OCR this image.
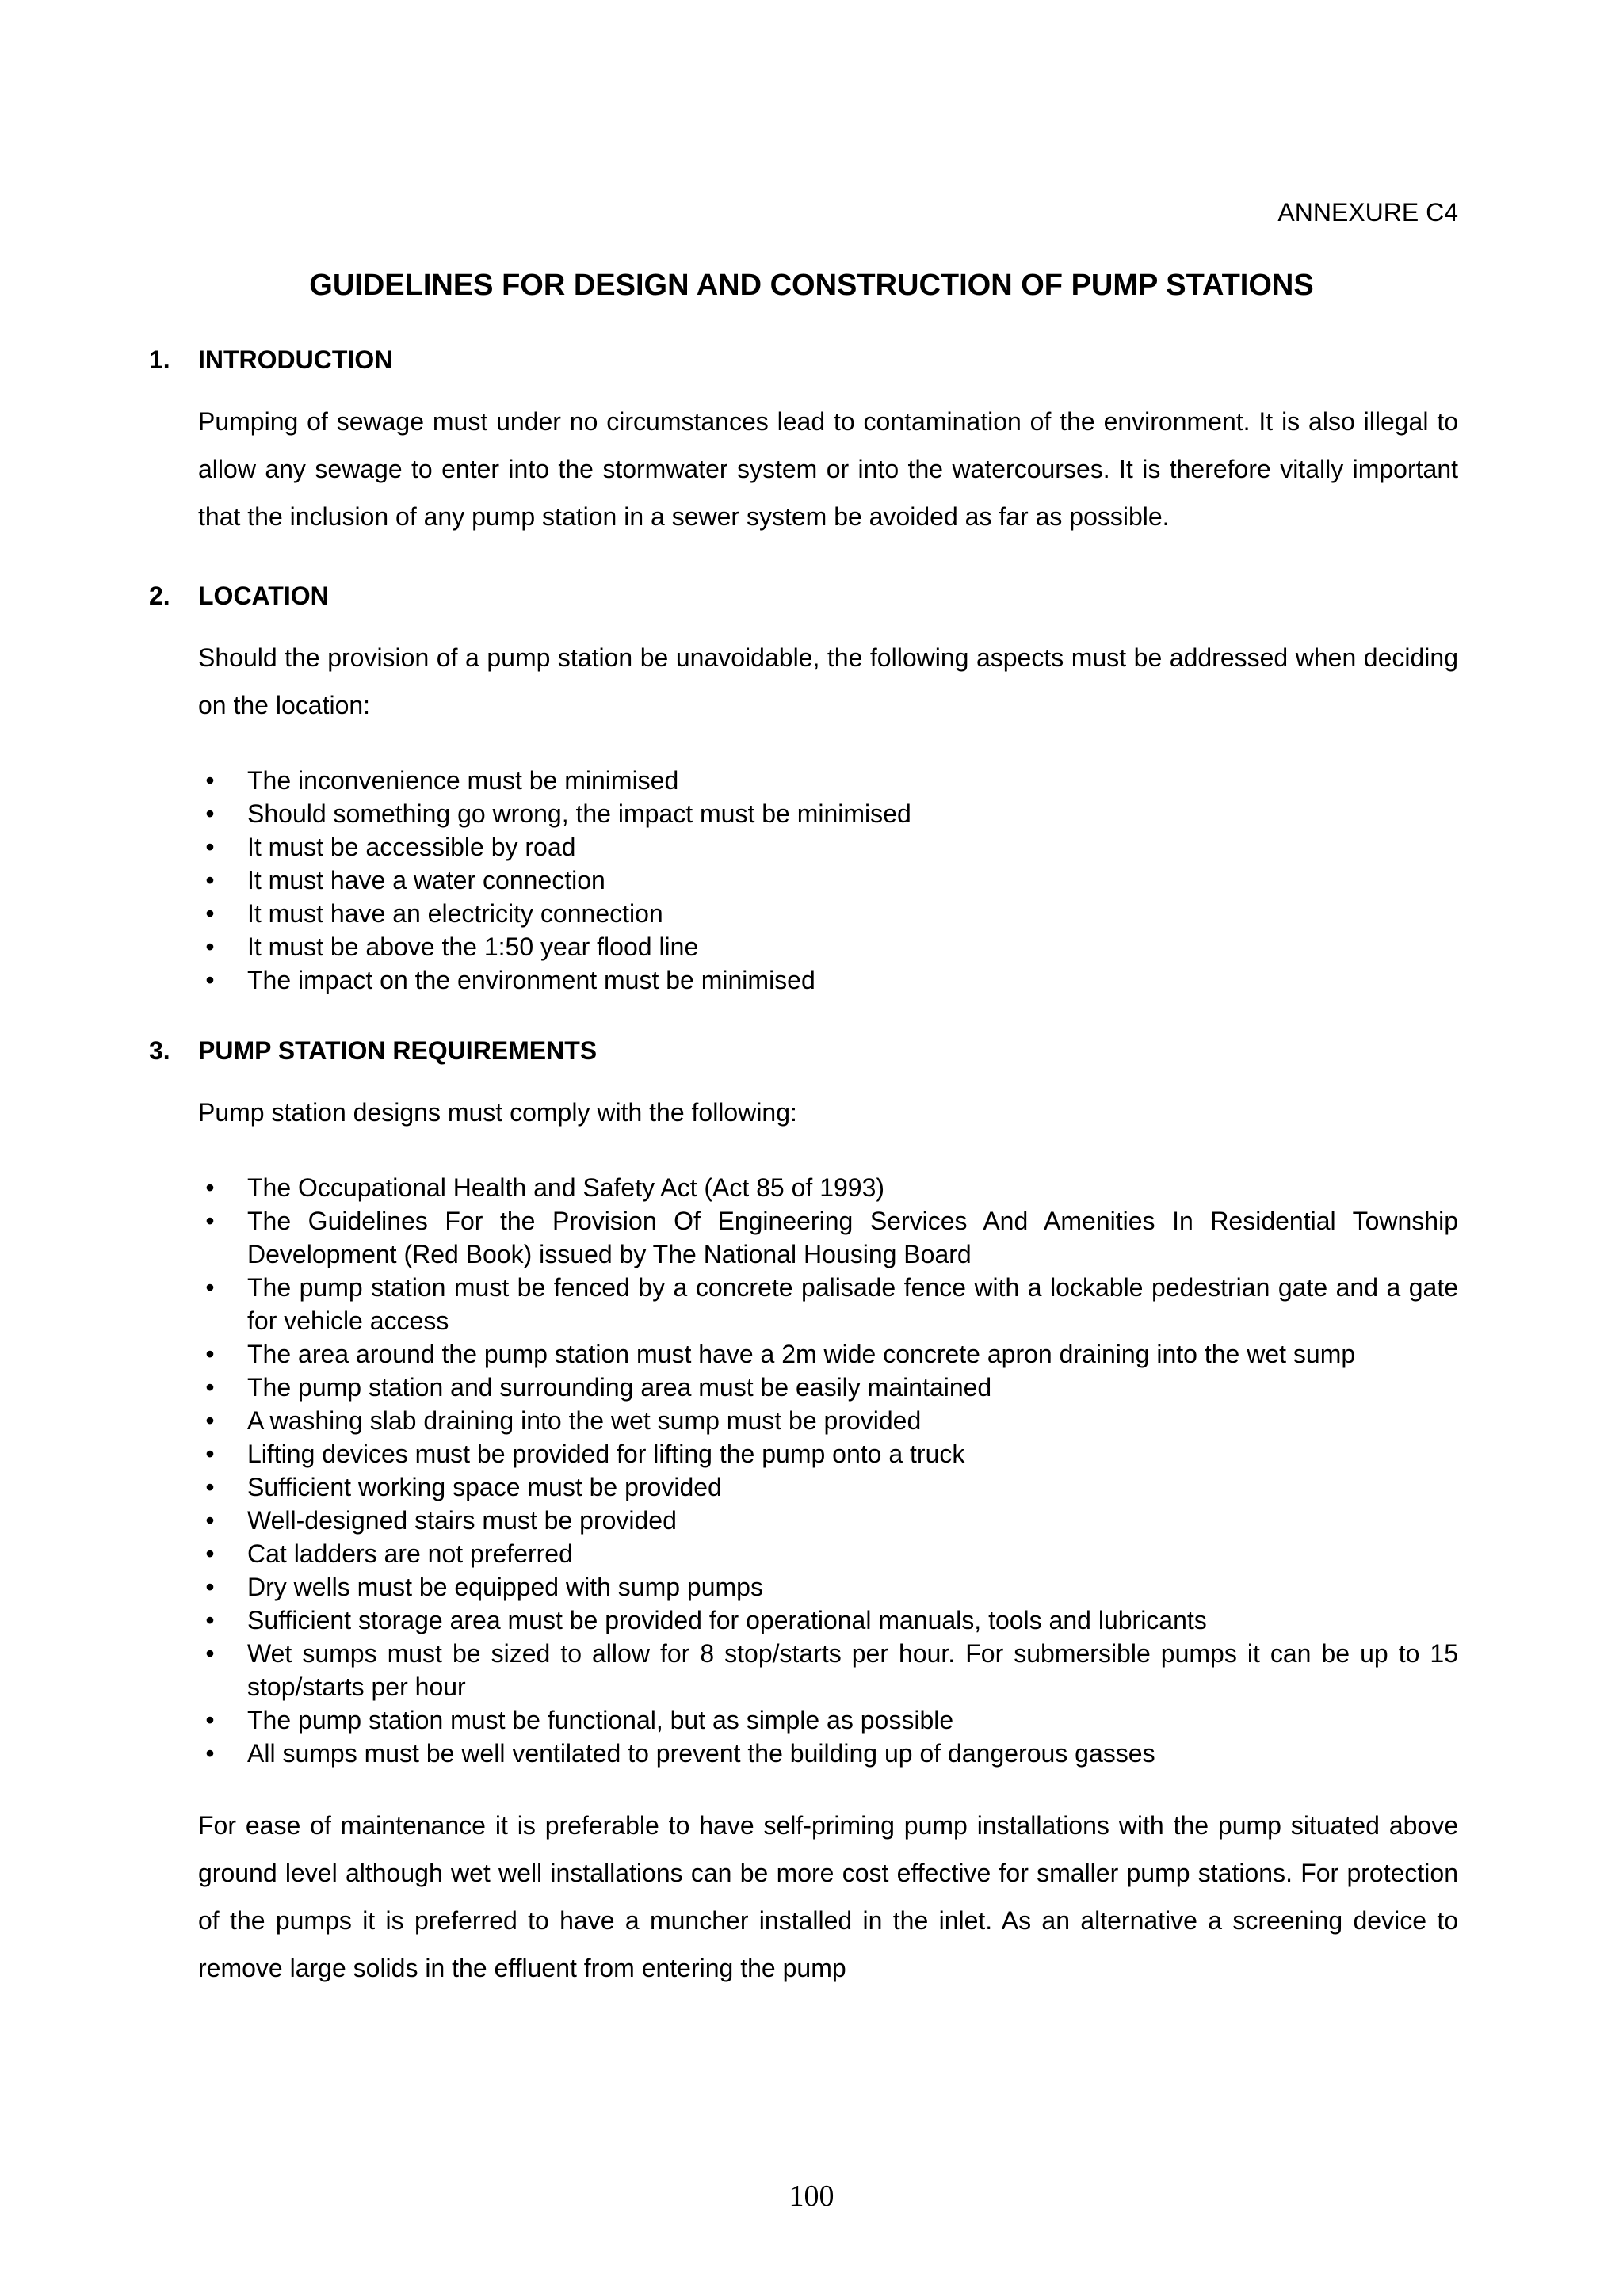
ANNEXURE C4
GUIDELINES FOR DESIGN AND CONSTRUCTION OF PUMP STATIONS
1.	INTRODUCTION
Pumping of sewage must under no circumstances lead to contamination of the environment. It is also illegal to allow any sewage to enter into the stormwater system or into the watercourses. It is therefore vitally important that the inclusion of any pump station in a sewer system be avoided as far as possible.
2.	LOCATION
Should the provision of a pump station be unavoidable, the following aspects must be addressed when deciding on the location:
• The inconvenience must be minimised
• Should something go wrong, the impact must be minimised
• It must be accessible by road
• It must have a water connection
• It must have an electricity connection
• It must be above the 1:50 year flood line
• The impact on the environment must be minimised
3.	PUMP STATION REQUIREMENTS
Pump station designs must comply with the following:
• The Occupational Health and Safety Act (Act 85 of 1993)
• The Guidelines For the Provision Of Engineering Services And Amenities In Residential Township Development (Red Book) issued by The National Housing Board
• The pump station must be fenced by a concrete palisade fence with a lockable pedestrian gate and a gate for vehicle access
• The area around the pump station must have a 2m wide concrete apron draining into the wet sump
• The pump station and surrounding area must be easily maintained
• A washing slab draining into the wet sump must be provided
• Lifting devices must be provided for lifting the pump onto a truck
• Sufficient working space must be provided
• Well-designed stairs must be provided
• Cat ladders are not preferred
• Dry wells must be equipped with sump pumps
• Sufficient storage area must be provided for operational manuals, tools and lubricants
• Wet sumps must be sized to allow for 8 stop/starts per hour. For submersible pumps it can be up to 15 stop/starts per hour
• The pump station must be functional, but as simple as possible
• All sumps must be well ventilated to prevent the building up of dangerous gasses
For ease of maintenance it is preferable to have self-priming pump installations with the pump situated above ground level although wet well installations can be more cost effective for smaller pump stations. For protection of the pumps it is preferred to have a muncher installed in the inlet. As an alternative a screening device to remove large solids in the effluent from entering the pump
100
